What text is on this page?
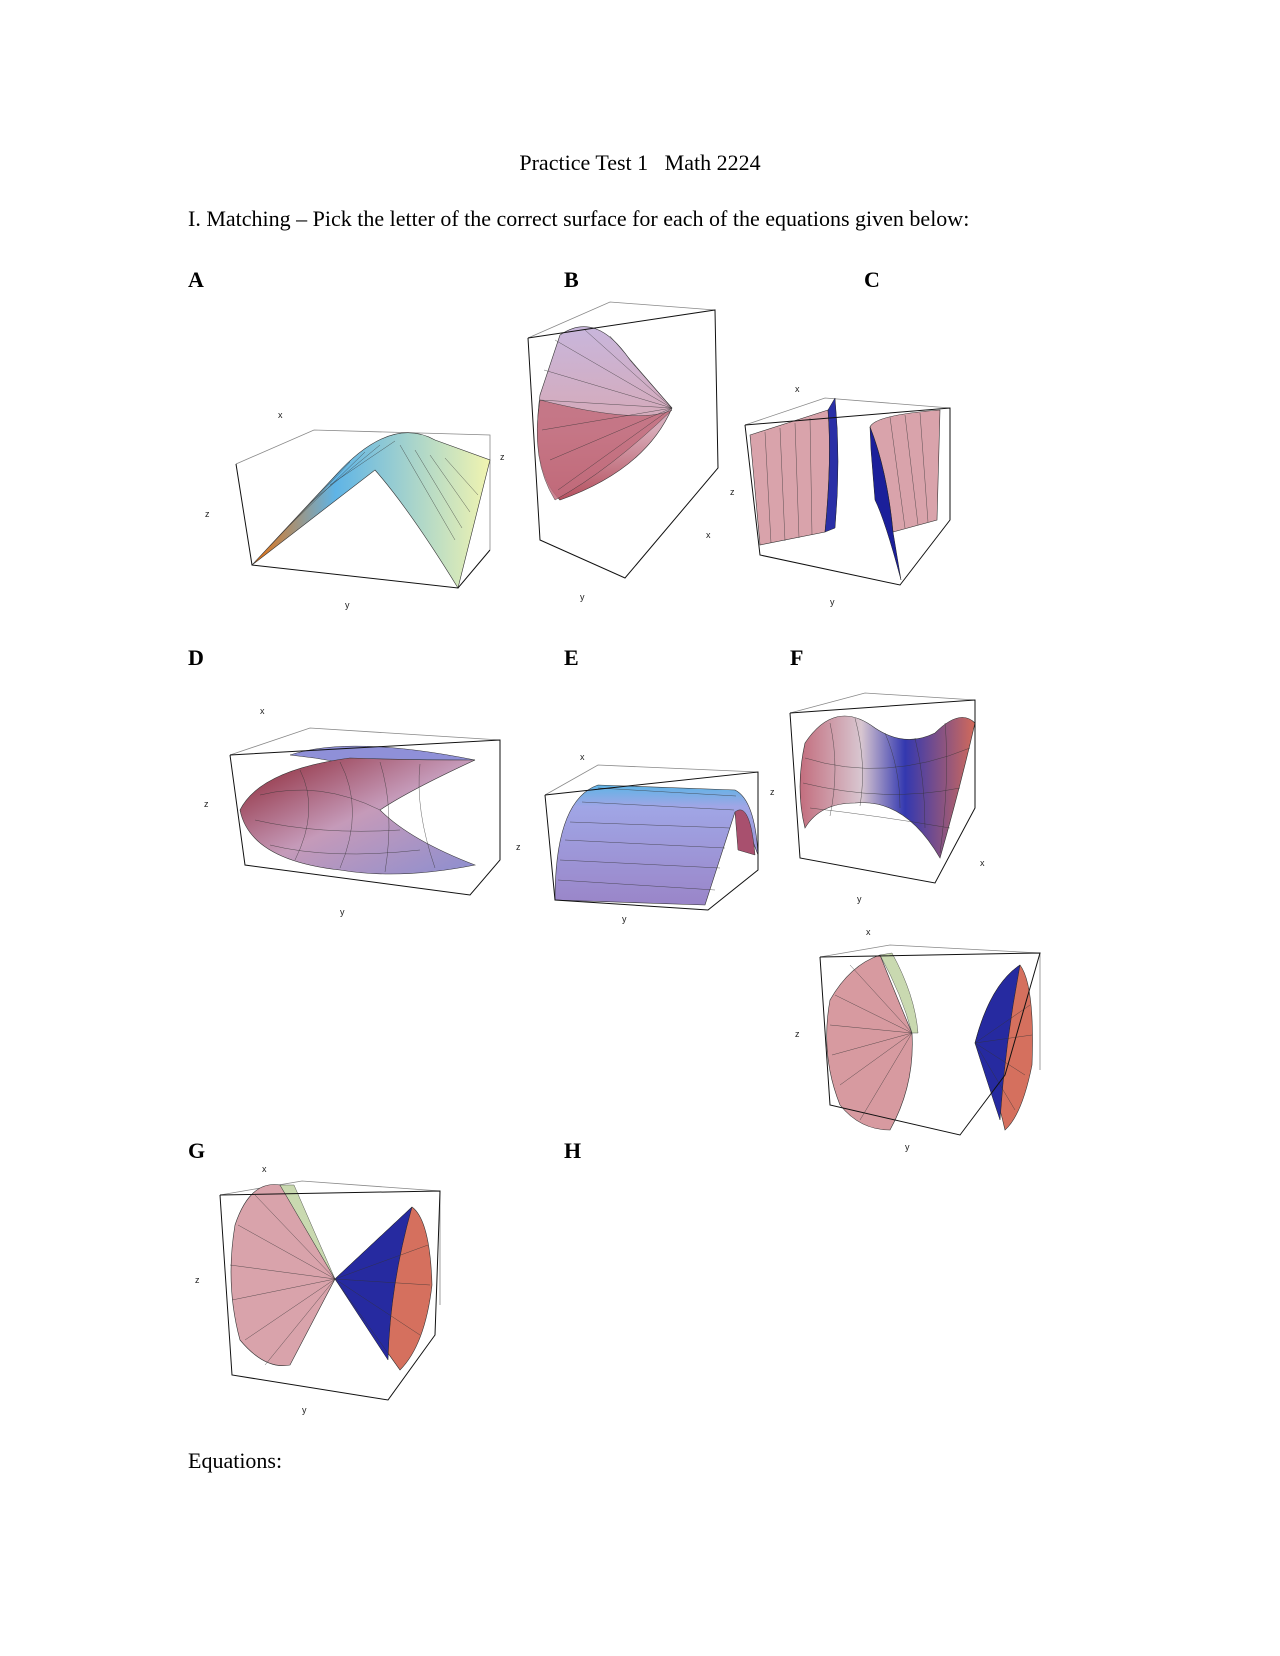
Practice Test 1   Math 2224
I. Matching – Pick the letter of the correct surface for each of the equations given below:
A	B	C
D	E	F
G	H
x
z
y
z
x
y
x
z
y
x
z
y
x
z
z
y
x
y
x
z
y
x
z
y
Equations:
